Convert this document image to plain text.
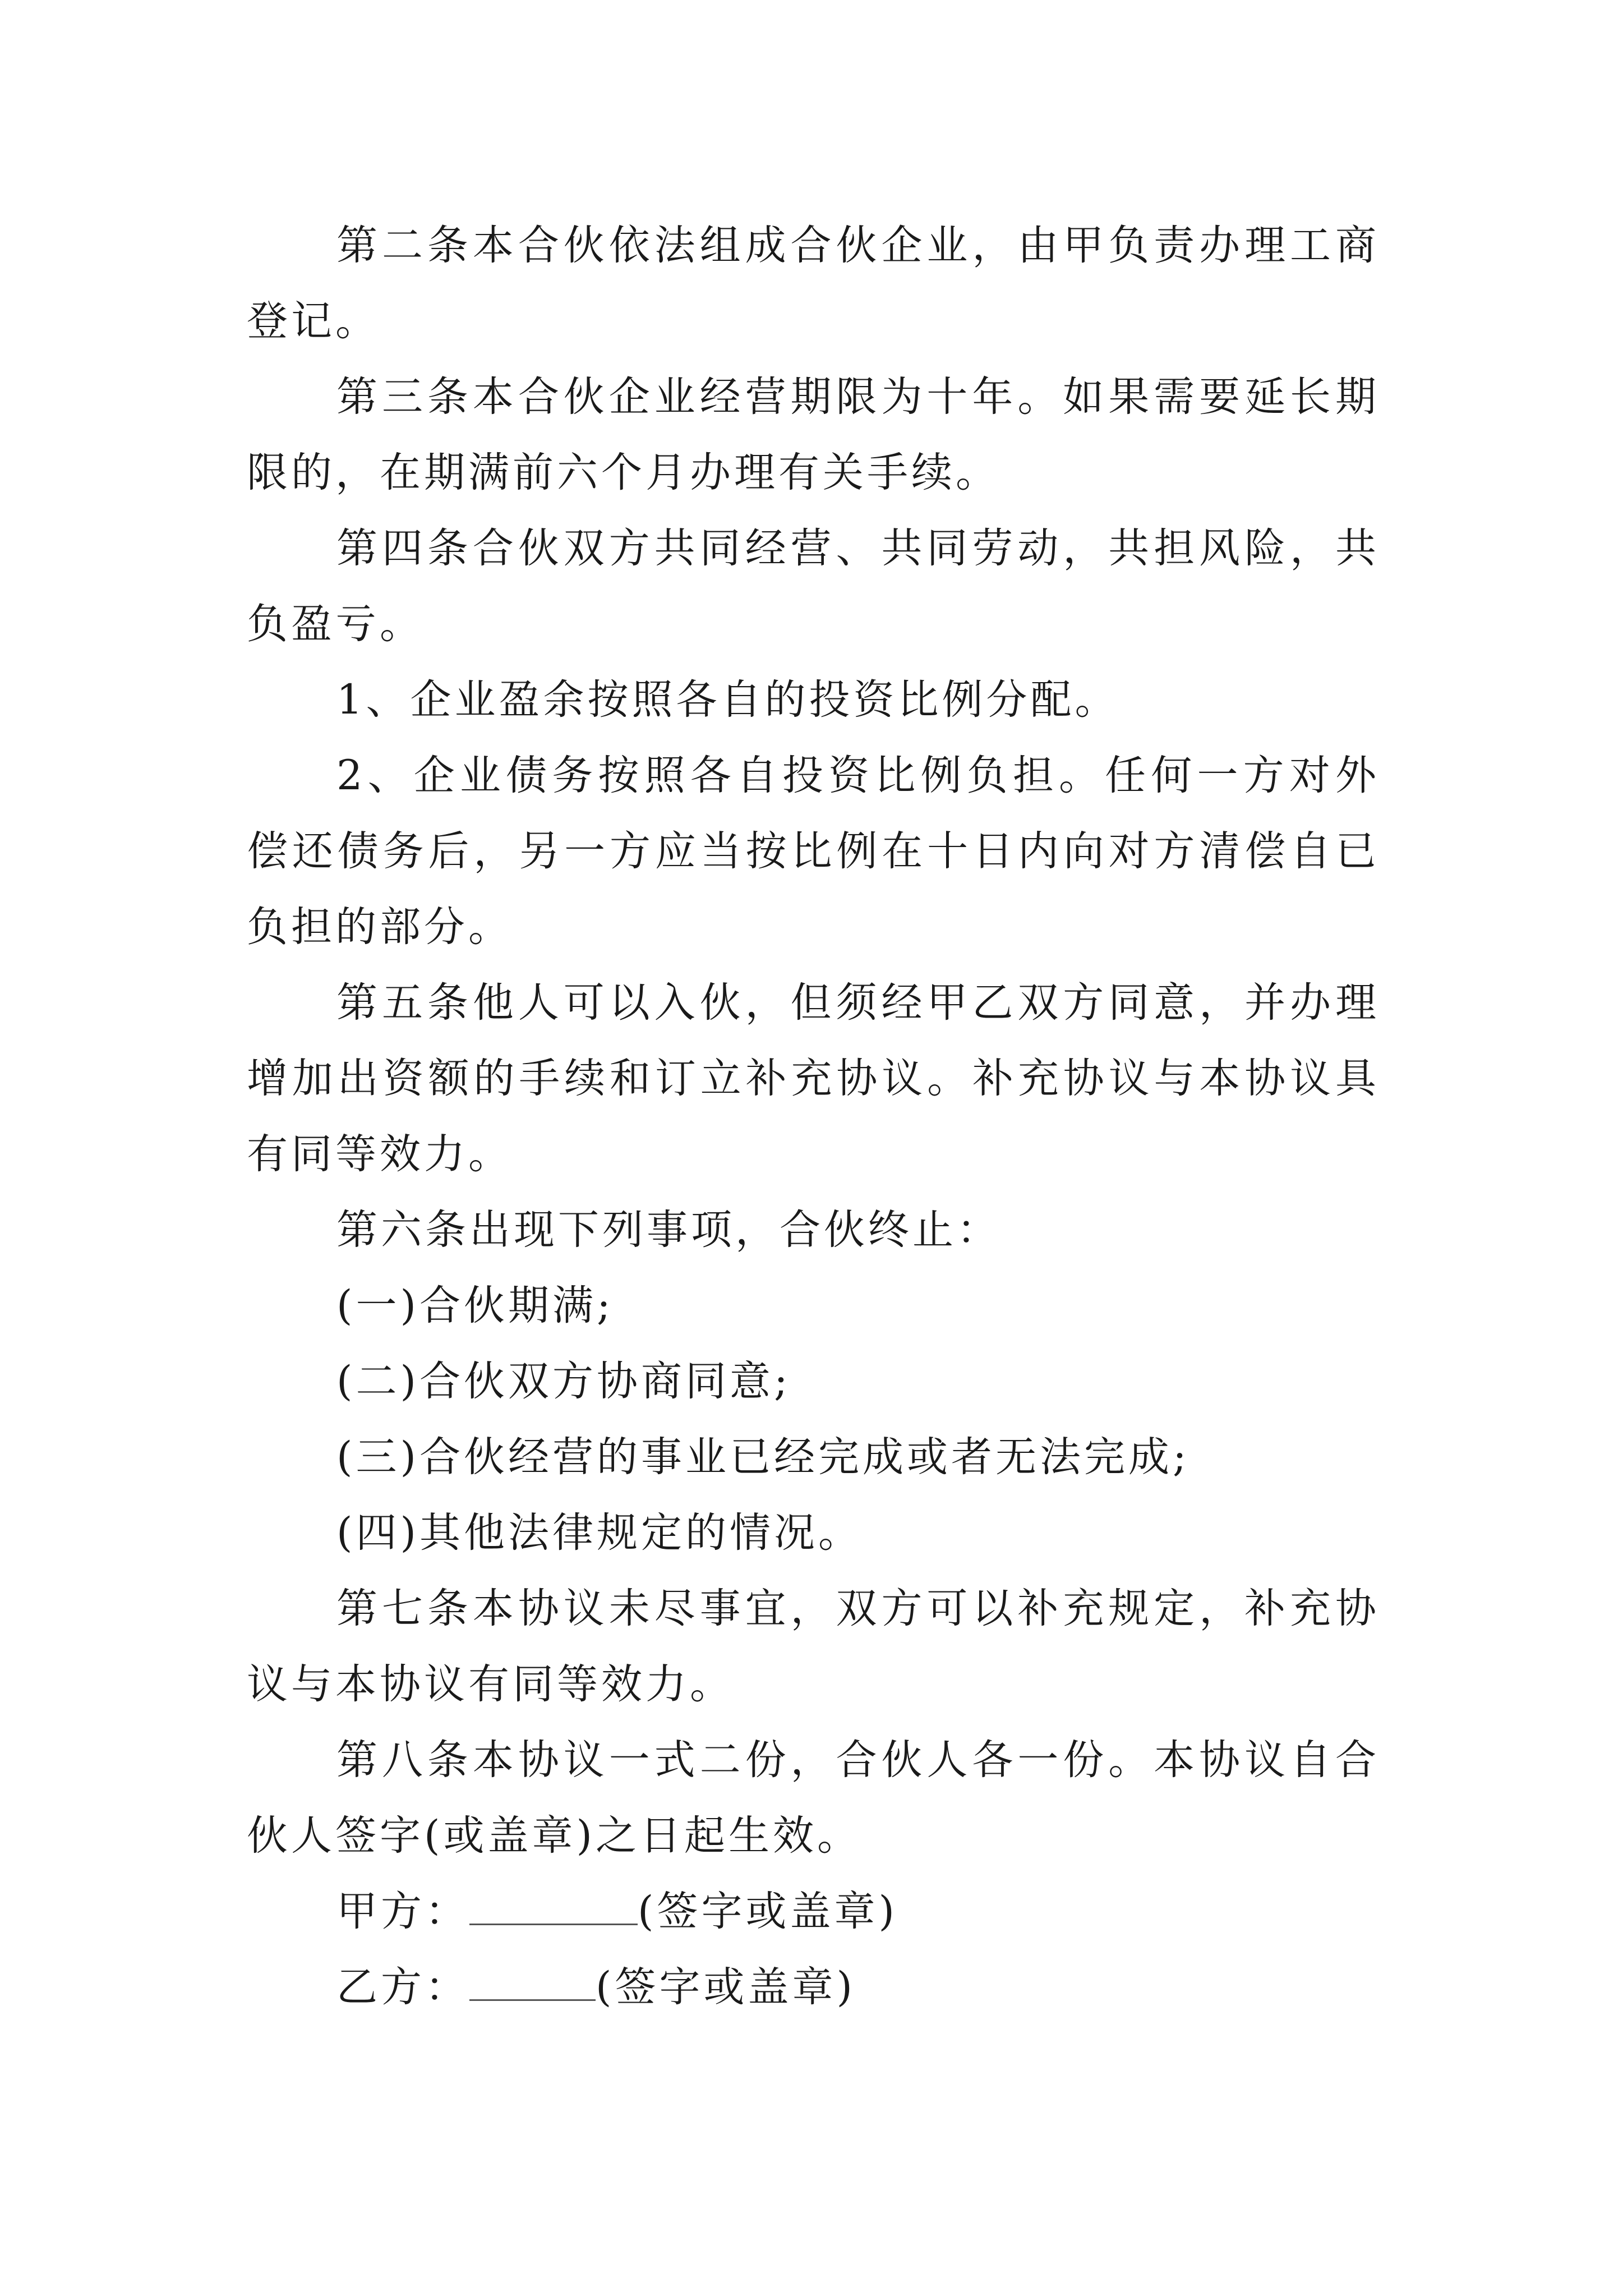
第二条本合伙依法组成合伙企业，由甲负责办理工商登记。

第三条本合伙企业经营期限为十年。如果需要延长期限的，在期满前六个月办理有关手续。

第四条合伙双方共同经营、共同劳动，共担风险，共负盈亏。

1、企业盈余按照各自的投资比例分配。

2、企业债务按照各自投资比例负担。任何一方对外偿还债务后，另一方应当按比例在十日内向对方清偿自已负担的部分。

第五条他人可以入伙，但须经甲乙双方同意，并办理增加出资额的手续和订立补充协议。补充协议与本协议具有同等效力。

第六条出现下列事项，合伙终止：

(一)合伙期满;

(二)合伙双方协商同意;

(三)合伙经营的事业已经完成或者无法完成;

(四)其他法律规定的情况。

第七条本协议未尽事宜，双方可以补充规定，补充协议与本协议有同等效力。

第八条本协议一式二份，合伙人各一份。本协议自合伙人签字(或盖章)之日起生效。

甲方：	(签字或盖章)

乙方：	(签字或盖章)
